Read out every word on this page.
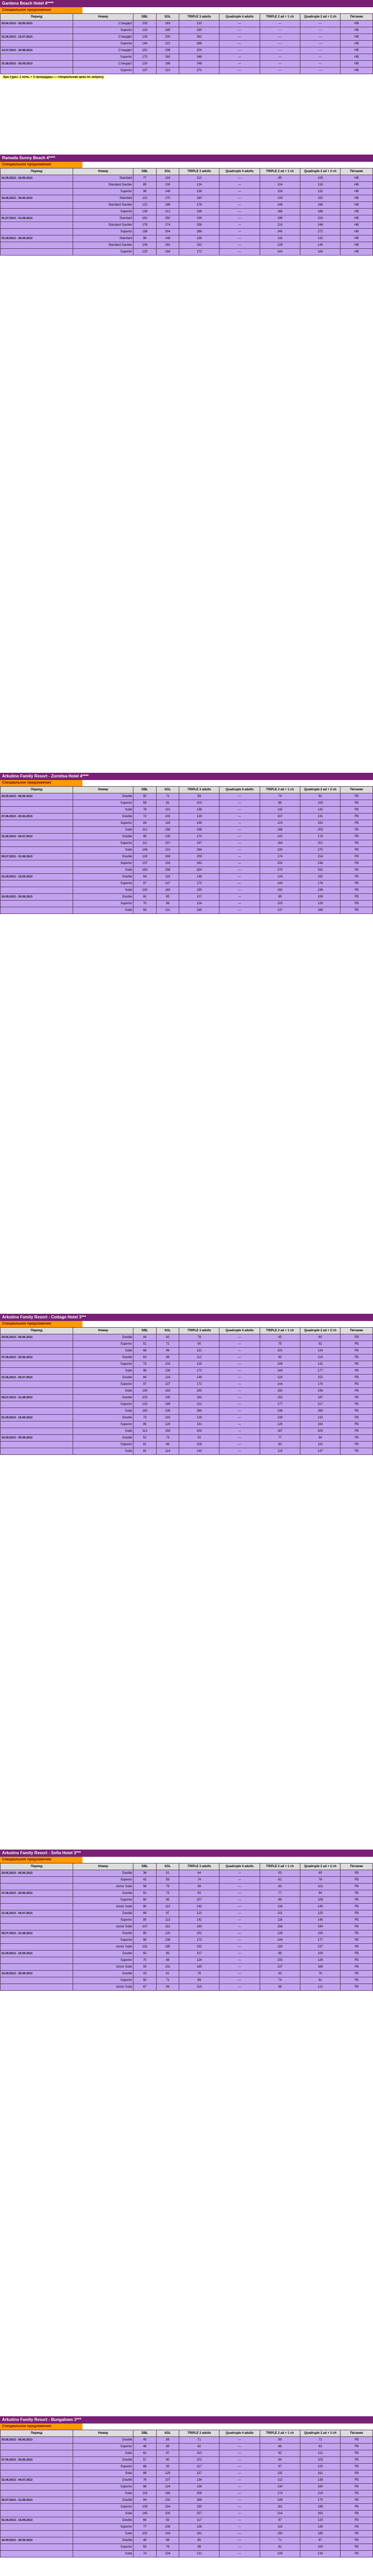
Gardens Beach Hotel 4****
Специальное предложение
Период	Номер	DBL	SGL	TRIPLE 3 adults	Quadruple 4 adults	TRIPLE 2 ad + 1 ch	Quadruple 2 ad + 2 ch	Питание
09.06.2013 - 20.06.2013	Стандарт	105	163	210	—	—	—	HB
	Superior	120	185	230	—	—	—	HB
21.06.2013 - 12.07.2013	Стандарт	126	200	262	—	—	—	HB
	Superior	144	222	286	—	—	—	HB
13.07.2013 - 30.08.2013	Стандарт	152	238	324	—	—	—	HB
	Superior	170	260	348	—	—	—	HB
31.08.2013 - 30.09.2013	Стандарт	120	188	248	—	—	—	HB
	Superior	137	210	272	—	—	—	HB
Spa-туры: 1 ночь + 3 процедуры — специальная цена по запросу
Ramada Sunny Beach 4****
Специальное предложение
Период	Номер	DBL	SGL	TRIPLE 3 adults	Quadruple 4 adults	TRIPLE 2 ad + 1 ch	Quadruple 2 ad + 2 ch	Питание
01.06.2013 - 15.06.2013	Standard	77	118	112	—	95	108	HB
	Standard Garden	85	130	124	—	104	118	HB
	Superior	96	148	138	—	116	132	HB
16.06.2013 - 30.06.2013	Standard	110	170	160	—	134	152	HB
	Standard Garden	122	188	176	—	148	168	HB
	Superior	138	212	198	—	166	188	HB
01.07.2013 - 31.08.2013	Standard	162	250	236	—	198	224	HB
	Standard Garden	178	274	258	—	216	246	HB
	Superior	198	304	286	—	240	272	HB
01.09.2013 - 30.09.2013	Standard	96	148	138	—	116	132	HB
	Standard Garden	106	162	152	—	128	144	HB
	Superior	120	184	172	—	144	164	HB
Arkutino Family Resort - Zornitsa Hotel 4****
Специальное предложение
Период	Номер	DBL	SGL	TRIPLE 3 adults	Quadruple 4 adults	TRIPLE 2 ad + 1 ch	Quadruple 2 ad + 2 ch	Питание
20.05.2013 - 06.06.2013	Double	50	71	89	—	74	91	FB
	Superior	58	82	103	—	86	105	FB
	Suite	78	110	138	—	115	141	FB
07.06.2013 - 20.06.2013	Double	72	102	128	—	107	131	FB
	Superior	84	118	148	—	124	152	FB
	Suite	112	158	198	—	166	203	FB
21.06.2013 - 04.07.2013	Double	96	135	170	—	142	174	FB
	Superior	111	157	197	—	164	201	FB
	Suite	149	210	264	—	220	270	FB
05.07.2013 - 31.08.2013	Double	118	166	209	—	174	214	FB
	Superior	137	193	242	—	202	248	FB
	Suite	183	258	324	—	270	332	FB
01.09.2013 - 15.09.2013	Double	84	118	148	—	124	152	FB
	Superior	97	137	172	—	144	176	FB
	Suite	130	183	230	—	192	236	FB
16.09.2013 - 30.09.2013	Double	60	85	107	—	89	109	FB
	Superior	70	98	124	—	103	126	FB
	Suite	93	131	165	—	137	169	FB
Arkutino Family Resort - Cottage Hotel 3***
Специальное предложение
Период	Номер	DBL	SGL	TRIPLE 3 adults	Quadruple 4 adults	TRIPLE 2 ad + 1 ch	Quadruple 2 ad + 2 ch	Питание
20.05.2013 - 06.06.2013	Double	44	62	78	—	65	80	FB
	Superior	51	72	90	—	75	92	FB
	Suite	68	96	121	—	101	124	FB
07.06.2013 - 20.06.2013	Double	63	89	112	—	93	114	FB
	Superior	73	103	129	—	108	132	FB
	Suite	98	138	173	—	144	177	FB
21.06.2013 - 04.07.2013	Double	84	118	148	—	124	152	FB
	Superior	97	137	172	—	144	176	FB
	Suite	130	183	230	—	192	236	FB
05.07.2013 - 31.08.2013	Double	103	145	182	—	152	187	FB
	Superior	120	169	212	—	177	217	FB
	Suite	160	226	284	—	236	290	FB
01.09.2013 - 15.09.2013	Double	73	103	129	—	108	132	FB
	Superior	85	120	151	—	126	154	FB
	Suite	113	159	200	—	167	205	FB
16.09.2013 - 30.09.2013	Double	52	73	92	—	77	94	FB
	Superior	61	86	108	—	90	110	FB
	Suite	81	114	143	—	119	147	FB
Arkutino Family Resort - Sofia Hotel 3***
Специальное предложение
Период	Номер	DBL	SGL	TRIPLE 3 adults	Quadruple 4 adults	TRIPLE 2 ad + 1 ch	Quadruple 2 ad + 2 ch	Питание
20.05.2013 - 06.06.2013	Double	36	51	64	—	53	65	FB
	Superior	42	59	74	—	62	76	FB
	Junior Suite	56	79	99	—	83	101	FB
07.06.2013 - 20.06.2013	Double	52	73	92	—	77	94	FB
	Superior	60	85	107	—	89	109	FB
	Junior Suite	80	113	142	—	118	145	FB
21.06.2013 - 04.07.2013	Double	69	97	122	—	101	125	FB
	Superior	80	113	142	—	118	145	FB
	Junior Suite	107	151	190	—	158	194	FB
05.07.2013 - 31.08.2013	Double	85	120	151	—	126	154	FB
	Superior	98	138	173	—	144	177	FB
	Junior Suite	131	185	232	—	193	237	FB
01.09.2013 - 15.09.2013	Double	60	85	107	—	89	109	FB
	Superior	70	98	124	—	103	126	FB
	Junior Suite	93	131	165	—	137	169	FB
16.09.2013 - 30.09.2013	Double	43	61	76	—	63	78	FB
	Superior	50	71	89	—	74	91	FB
	Junior Suite	67	94	119	—	98	121	FB
Arkutino Family Resort - Bungalows 3***
Специальное предложение
Период	Номер	DBL	SGL	TRIPLE 3 adults	Quadruple 4 adults	TRIPLE 2 ad + 1 ch	Quadruple 2 ad + 2 ch	Питание
20.05.2013 - 06.06.2013	Double	40	56	71	—	59	72	FB
	Superior	46	65	82	—	68	83	FB
	Suite	62	87	110	—	92	112	FB
07.06.2013 - 20.06.2013	Double	57	80	101	—	84	103	FB
	Superior	66	93	117	—	97	120	FB
	Suite	89	125	157	—	131	161	FB
21.06.2013 - 04.07.2013	Double	76	107	134	—	112	138	FB
	Superior	88	124	156	—	130	160	FB
	Suite	118	166	209	—	174	214	FB
05.07.2013 - 31.08.2013	Double	94	132	166	—	139	170	FB
	Superior	109	154	193	—	161	198	FB
	Suite	145	205	257	—	214	263	FB
01.09.2013 - 15.09.2013	Double	66	93	117	—	97	120	FB
	Superior	77	108	136	—	113	139	FB
	Suite	102	144	181	—	150	185	FB
16.09.2013 - 30.09.2013	Double	48	68	85	—	71	87	FB
	Superior	55	78	98	—	81	100	FB
	Suite	74	104	131	—	109	134	FB
